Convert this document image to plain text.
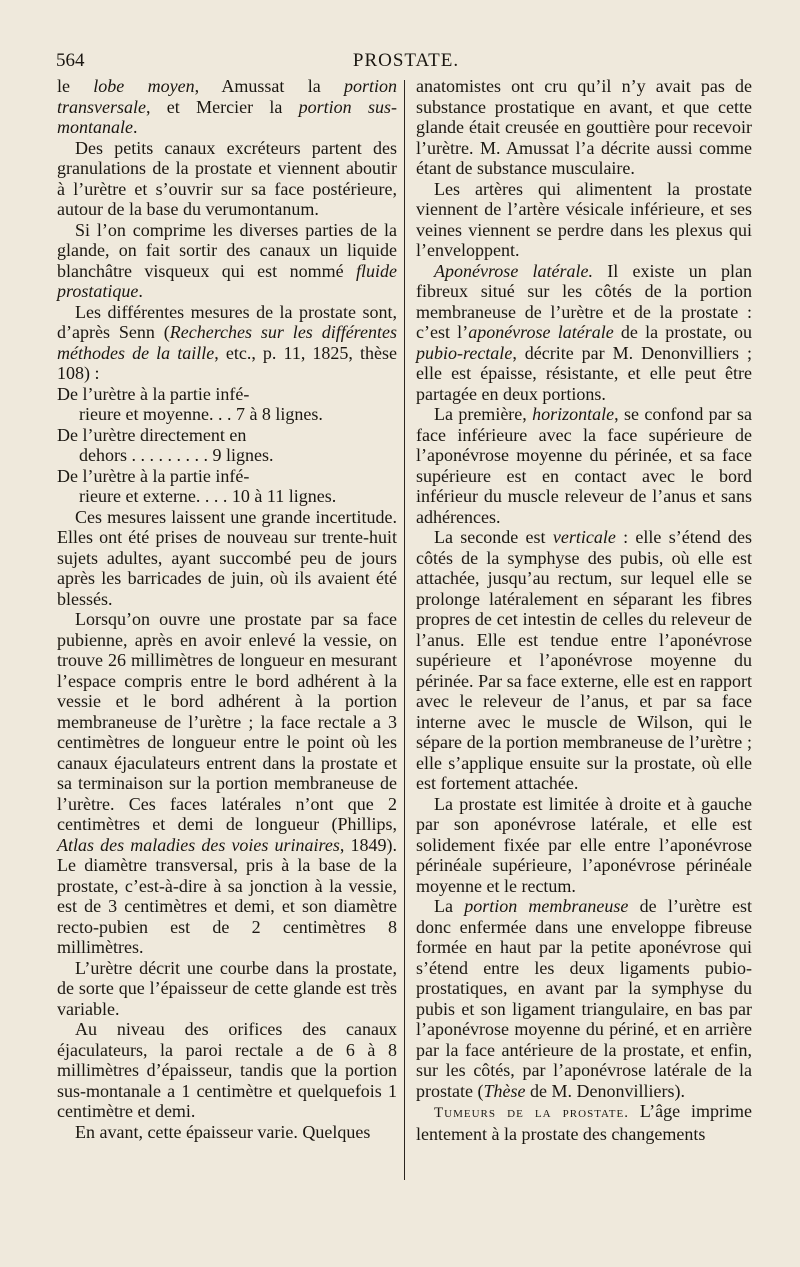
564	PROSTATE.

le lobe moyen, Amussat la portion transversale, et Mercier la portion sus-montanale.

Des petits canaux excréteurs partent des granulations de la prostate et viennent aboutir à l’urètre et s’ouvrir sur sa face postérieure, autour de la base du verumontanum.

Si l’on comprime les diverses parties de la glande, on fait sortir des canaux un liquide blanchâtre visqueux qui est nommé fluide prostatique.

Les différentes mesures de la prostate sont, d’après Senn (Recherches sur les différentes méthodes de la taille, etc., p. 11, 1825, thèse 108) :

De l’urètre à la partie infé-
rieure et moyenne. . . 7 à 8 lignes.
De l’urètre directement en
dehors . . . . . . . . . 9 lignes.
De l’urètre à la partie infé-
rieure et externe. . . . 10 à 11 lignes.

Ces mesures laissent une grande incertitude. Elles ont été prises de nouveau sur trente-huit sujets adultes, ayant succombé peu de jours après les barricades de juin, où ils avaient été blessés.

Lorsqu’on ouvre une prostate par sa face pubienne, après en avoir enlevé la vessie, on trouve 26 millimètres de longueur en mesurant l’espace compris entre le bord adhérent à la vessie et le bord adhérent à la portion membraneuse de l’urètre ; la face rectale a 3 centimètres de longueur entre le point où les canaux éjaculateurs entrent dans la prostate et sa terminaison sur la portion membraneuse de l’urètre. Ces faces latérales n’ont que 2 centimètres et demi de longueur (Phillips, Atlas des maladies des voies urinaires, 1849). Le diamètre transversal, pris à la base de la prostate, c’est-à-dire à sa jonction à la vessie, est de 3 centimètres et demi, et son diamètre recto-pubien est de 2 centimètres 8 millimètres.

L’urètre décrit une courbe dans la prostate, de sorte que l’épaisseur de cette glande est très variable.

Au niveau des orifices des canaux éjaculateurs, la paroi rectale a de 6 à 8 millimètres d’épaisseur, tandis que la portion sus-montanale a 1 centimètre et quelquefois 1 centimètre et demi.

En avant, cette épaisseur varie. Quelques

anatomistes ont cru qu’il n’y avait pas de substance prostatique en avant, et que cette glande était creusée en gouttière pour recevoir l’urètre. M. Amussat l’a décrite aussi comme étant de substance musculaire.

Les artères qui alimentent la prostate viennent de l’artère vésicale inférieure, et ses veines viennent se perdre dans les plexus qui l’enveloppent.

Aponévrose latérale. Il existe un plan fibreux situé sur les côtés de la portion membraneuse de l’urètre et de la prostate : c’est l’aponévrose latérale de la prostate, ou pubio-rectale, décrite par M. Denonvilliers ; elle est épaisse, résistante, et elle peut être partagée en deux portions.

La première, horizontale, se confond par sa face inférieure avec la face supérieure de l’aponévrose moyenne du périnée, et sa face supérieure est en contact avec le bord inférieur du muscle releveur de l’anus et sans adhérences.

La seconde est verticale : elle s’étend des côtés de la symphyse des pubis, où elle est attachée, jusqu’au rectum, sur lequel elle se prolonge latéralement en séparant les fibres propres de cet intestin de celles du releveur de l’anus. Elle est tendue entre l’aponévrose supérieure et l’aponévrose moyenne du périnée. Par sa face externe, elle est en rapport avec le releveur de l’anus, et par sa face interne avec le muscle de Wilson, qui le sépare de la portion membraneuse de l’urètre ; elle s’applique ensuite sur la prostate, où elle est fortement attachée.

La prostate est limitée à droite et à gauche par son aponévrose latérale, et elle est solidement fixée par elle entre l’aponévrose périnéale supérieure, l’aponévrose périnéale moyenne et le rectum.

La portion membraneuse de l’urètre est donc enfermée dans une enveloppe fibreuse formée en haut par la petite aponévrose qui s’étend entre les deux ligaments pubio-prostatiques, en avant par la symphyse du pubis et son ligament triangulaire, en bas par l’aponévrose moyenne du périné, et en arrière par la face antérieure de la prostate, et enfin, sur les côtés, par l’aponévrose latérale de la prostate (Thèse de M. Denonvilliers).

Tumeurs de la prostate. L’âge imprime lentement à la prostate des changements
